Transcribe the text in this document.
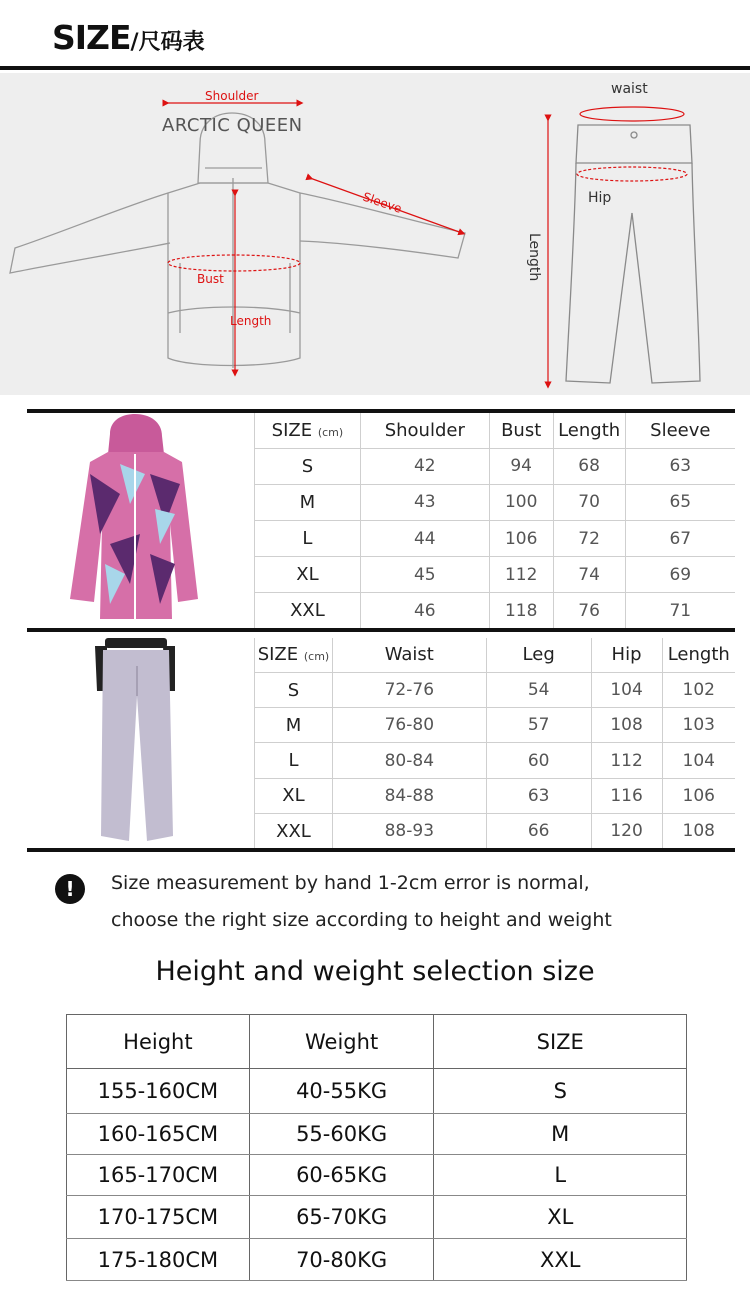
SIZE/尺码表
Shoulder
Sleeve
Bust
Length
waist
Hip
Length
ARCTIC QUEEN
SIZE (cm)	Shoulder	Bust	Length	Sleeve
S	42	94	68	63
M	43	100	70	65
L	44	106	72	67
XL	45	112	74	69
XXL	46	118	76	71
SIZE (cm)	Waist	Leg	Hip	Length
S	72-76	54	104	102
M	76-80	57	108	103
L	80-84	60	112	104
XL	84-88	63	116	106
XXL	88-93	66	120	108
!	Size measurement by hand 1-2cm error is normal,
choose the right size according to height and weight
Height and weight selection size
Height	Weight	SIZE
155-160CM	40-55KG	S
160-165CM	55-60KG	M
165-170CM	60-65KG	L
170-175CM	65-70KG	XL
175-180CM	70-80KG	XXL
